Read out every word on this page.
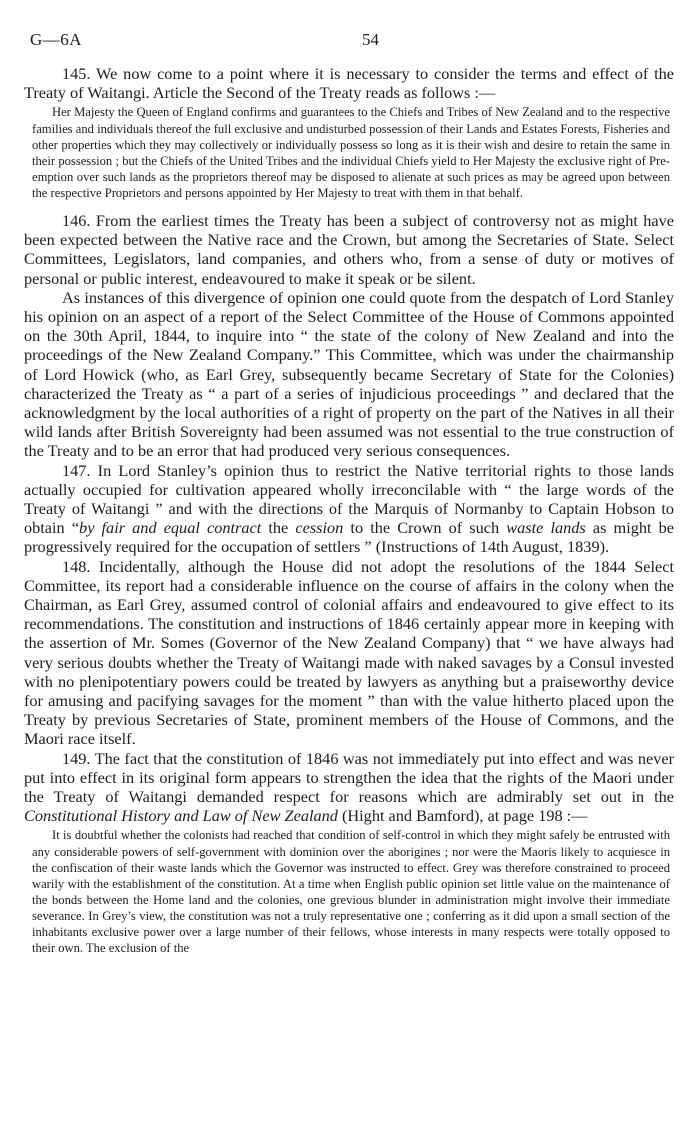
G—6A	54

145. We now come to a point where it is necessary to consider the terms and effect of the Treaty of Waitangi. Article the Second of the Treaty reads as follows :—

Her Majesty the Queen of England confirms and guarantees to the Chiefs and Tribes of New Zealand and to the respective families and individuals thereof the full exclusive and undisturbed possession of their Lands and Estates Forests, Fisheries and other properties which they may collectively or individually possess so long as it is their wish and desire to retain the same in their possession ; but the Chiefs of the United Tribes and the individual Chiefs yield to Her Majesty the exclusive right of Pre-emption over such lands as the proprietors thereof may be disposed to alienate at such prices as may be agreed upon between the respective Proprietors and persons appointed by Her Majesty to treat with them in that behalf.

146. From the earliest times the Treaty has been a subject of controversy not as might have been expected between the Native race and the Crown, but among the Secretaries of State. Select Committees, Legislators, land companies, and others who, from a sense of duty or motives of personal or public interest, endeavoured to make it speak or be silent.

As instances of this divergence of opinion one could quote from the despatch of Lord Stanley his opinion on an aspect of a report of the Select Committee of the House of Commons appointed on the 30th April, 1844, to inquire into “ the state of the colony of New Zealand and into the proceedings of the New Zealand Company.” This Committee, which was under the chairmanship of Lord Howick (who, as Earl Grey, subsequently became Secretary of State for the Colonies) characterized the Treaty as “ a part of a series of injudicious proceedings ” and declared that the acknowledgment by the local authorities of a right of property on the part of the Natives in all their wild lands after British Sovereignty had been assumed was not essential to the true construction of the Treaty and to be an error that had produced very serious consequences.

147. In Lord Stanley’s opinion thus to restrict the Native territorial rights to those lands actually occupied for cultivation appeared wholly irreconcilable with “ the large words of the Treaty of Waitangi ” and with the directions of the Marquis of Normanby to Captain Hobson to obtain “by fair and equal contract the cession to the Crown of such waste lands as might be progressively required for the occupation of settlers ” (Instructions of 14th August, 1839).

148. Incidentally, although the House did not adopt the resolutions of the 1844 Select Committee, its report had a considerable influence on the course of affairs in the colony when the Chairman, as Earl Grey, assumed control of colonial affairs and endeavoured to give effect to its recommendations. The constitution and instructions of 1846 certainly appear more in keeping with the assertion of Mr. Somes (Governor of the New Zealand Company) that “ we have always had very serious doubts whether the Treaty of Waitangi made with naked savages by a Consul invested with no plenipotentiary powers could be treated by lawyers as anything but a praiseworthy device for amusing and pacifying savages for the moment ” than with the value hitherto placed upon the Treaty by previous Secretaries of State, prominent members of the House of Commons, and the Maori race itself.

149. The fact that the constitution of 1846 was not immediately put into effect and was never put into effect in its original form appears to strengthen the idea that the rights of the Maori under the Treaty of Waitangi demanded respect for reasons which are admirably set out in the Constitutional History and Law of New Zealand (Hight and Bamford), at page 198 :—

It is doubtful whether the colonists had reached that condition of self-control in which they might safely be entrusted with any considerable powers of self-government with dominion over the aborigines ; nor were the Maoris likely to acquiesce in the confiscation of their waste lands which the Governor was instructed to effect. Grey was therefore constrained to proceed warily with the establishment of the constitution. At a time when English public opinion set little value on the maintenance of the bonds between the Home land and the colonies, one grevious blunder in administration might involve their immediate severance. In Grey’s view, the constitution was not a truly representative one ; conferring as it did upon a small section of the inhabitants exclusive power over a large number of their fellows, whose interests in many respects were totally opposed to their own. The exclusion of the
